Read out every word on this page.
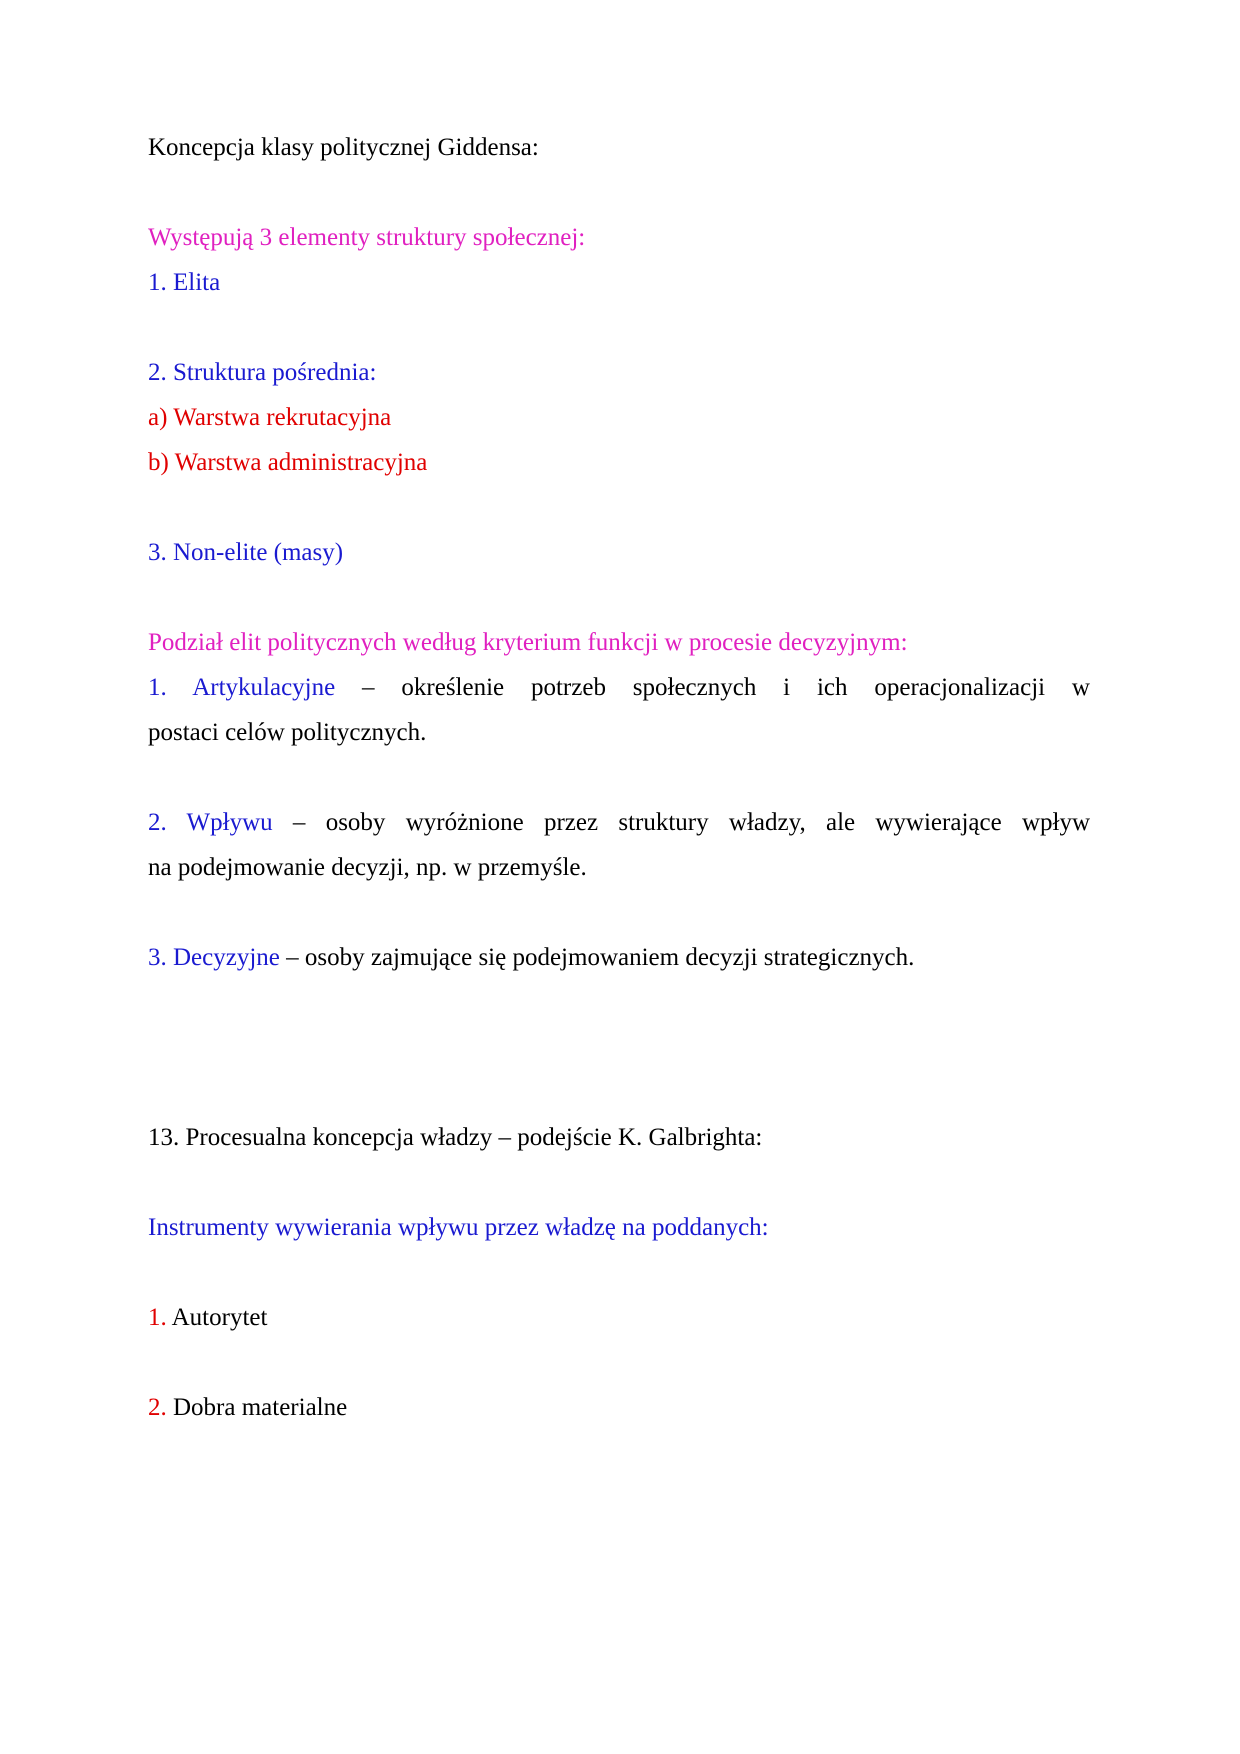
Koncepcja klasy politycznej Giddensa:
Występują 3 elementy struktury społecznej:
1. Elita
2. Struktura pośrednia:
a) Warstwa rekrutacyjna
b) Warstwa administracyjna
3. Non-elite (masy)
Podział elit politycznych według kryterium funkcji w procesie decyzyjnym:
1. Artykulacyjne – określenie potrzeb społecznych i ich operacjonalizacji w
postaci celów politycznych.
2. Wpływu – osoby wyróżnione przez struktury władzy, ale wywierające wpływ
na podejmowanie decyzji, np. w przemyśle.
3. Decyzyjne – osoby zajmujące się podejmowaniem decyzji strategicznych.
13. Procesualna koncepcja władzy – podejście K. Galbrighta:
Instrumenty wywierania wpływu przez władzę na poddanych:
1. Autorytet
2. Dobra materialne
